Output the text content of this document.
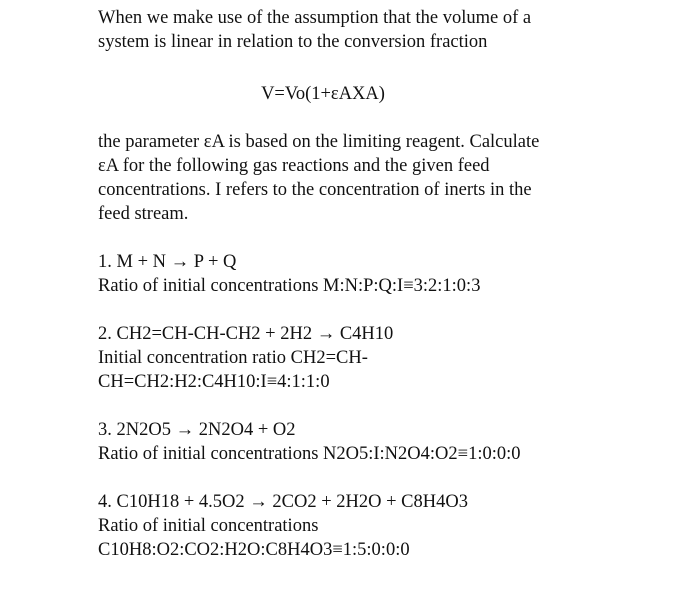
When we make use of the assumption that the volume of a
system is linear in relation to the conversion fraction

V=Vo(1+εAXA)

the parameter εA is based on the limiting reagent. Calculate
εA for the following gas reactions and the given feed
concentrations. I refers to the concentration of inerts in the
feed stream.

1. M + N → P + Q
Ratio of initial concentrations M:N:P:Q:I≡3:2:1:0:3
2. CH2=CH-CH-CH2 + 2H2 → C4H10
Initial concentration ratio CH2=CH-
CH=CH2:H2:C4H10:I≡4:1:1:0
3. 2N2O5 → 2N2O4 + O2
Ratio of initial concentrations N2O5:I:N2O4:O2≡1:0:0:0
4. C10H18 + 4.5O2 → 2CO2 + 2H2O + C8H4O3
Ratio of initial concentrations
C10H8:O2:CO2:H2O:C8H4O3≡1:5:0:0:0
